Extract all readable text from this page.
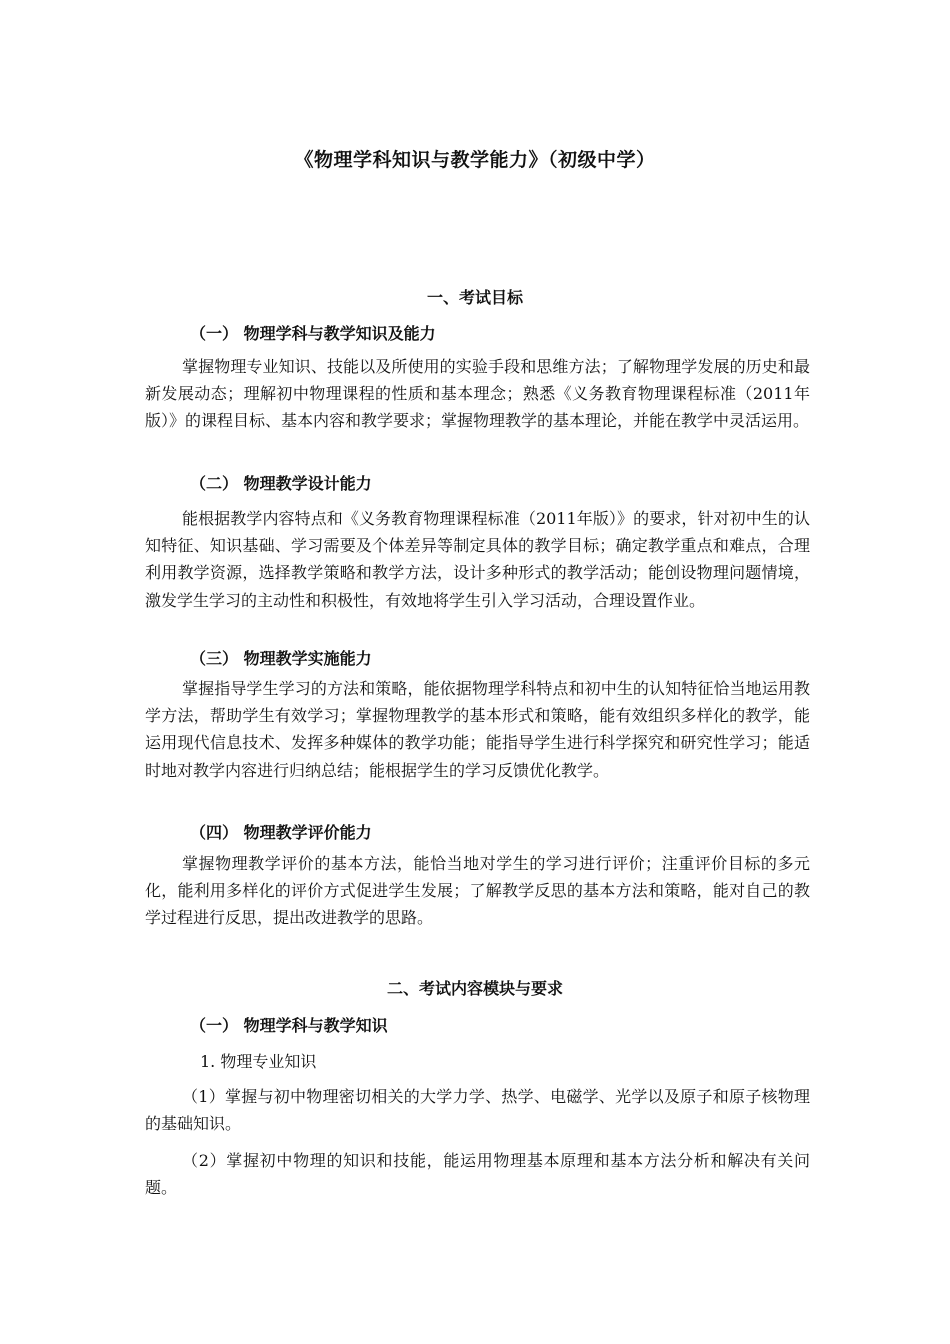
《物理学科知识与教学能力》（初级中学）
一、考试目标
（一） 物理学科与教学知识及能力

掌握物理专业知识、技能以及所使用的实验手段和思维方法；了解物理学发展的历史和最新发展动态；理解初中物理课程的性质和基本理念；熟悉《义务教育物理课程标准（2011年版）》的课程目标、基本内容和教学要求；掌握物理教学的基本理论，并能在教学中灵活运用。

（二） 物理教学设计能力

能根据教学内容特点和《义务教育物理课程标准（2011年版）》的要求，针对初中生的认知特征、知识基础、学习需要及个体差异等制定具体的教学目标；确定教学重点和难点，合理利用教学资源，选择教学策略和教学方法，设计多种形式的教学活动；能创设物理问题情境，激发学生学习的主动性和积极性，有效地将学生引入学习活动，合理设置作业。

（三） 物理教学实施能力

掌握指导学生学习的方法和策略，能依据物理学科特点和初中生的认知特征恰当地运用教学方法，帮助学生有效学习；掌握物理教学的基本形式和策略，能有效组织多样化的教学，能运用现代信息技术、发挥多种媒体的教学功能；能指导学生进行科学探究和研究性学习；能适时地对教学内容进行归纳总结；能根据学生的学习反馈优化教学。

（四） 物理教学评价能力

掌握物理教学评价的基本方法，能恰当地对学生的学习进行评价；注重评价目标的多元化，能利用多样化的评价方式促进学生发展；了解教学反思的基本方法和策略，能对自己的教学过程进行反思，提出改进教学的思路。

二、考试内容模块与要求
（一） 物理学科与教学知识
1. 物理专业知识

（1）掌握与初中物理密切相关的大学力学、热学、电磁学、光学以及原子和原子核物理的基础知识。

（2）掌握初中物理的知识和技能，能运用物理基本原理和基本方法分析和解决有关问题。
